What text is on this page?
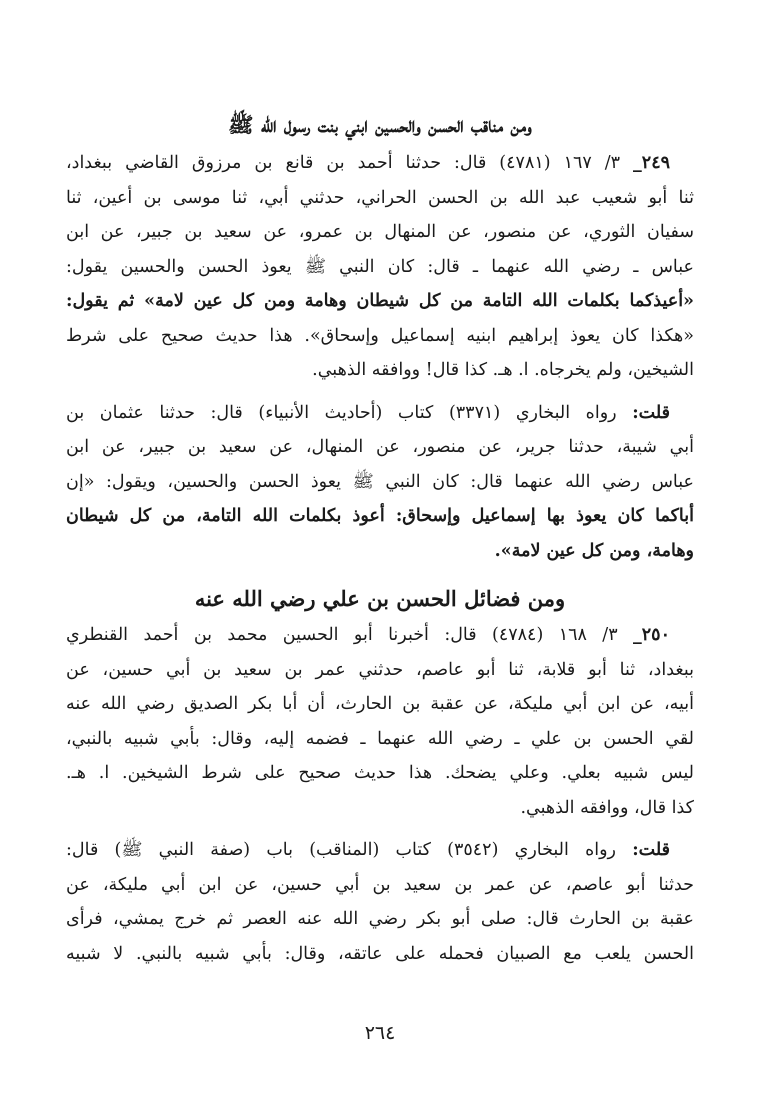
ومن مناقب الحسن والحسين ابني بنت رسول الله ﷺ
٢٤٩_ ٣/ ١٦٧ (٤٧٨١) قال: حدثنا أحمد بن قانع بن مرزوق القاضي ببغداد،
ثنا أبو شعيب عبد الله بن الحسن الحراني، حدثني أبي، ثنا موسى بن أعين، ثنا
سفيان الثوري، عن منصور، عن المنهال بن عمرو، عن سعيد بن جبير، عن ابن
عباس ـ رضي الله عنهما ـ قال: كان النبي ﷺ يعوذ الحسن والحسين يقول:
«أعيذكما بكلمات الله التامة من كل شيطان وهامة ومن كل عين لامة» ثم يقول:
«هكذا كان يعوذ إبراهيم ابنيه إسماعيل وإسحاق». هذا حديث صحيح على شرط
الشيخين، ولم يخرجاه. ا. هـ. كذا قال! ووافقه الذهبي.
قلت: رواه البخاري (٣٣٧١) كتاب (أحاديث الأنبياء) قال: حدثنا عثمان بن
أبي شيبة، حدثنا جرير، عن منصور، عن المنهال، عن سعيد بن جبير، عن ابن
عباس رضي الله عنهما قال: كان النبي ﷺ يعوذ الحسن والحسين، ويقول: «إن
أباكما كان يعوذ بها إسماعيل وإسحاق: أعوذ بكلمات الله التامة، من كل شيطان
وهامة، ومن كل عين لامة».
ومن فضائل الحسن بن علي رضي الله عنه
٢٥٠_ ٣/ ١٦٨ (٤٧٨٤) قال: أخبرنا أبو الحسين محمد بن أحمد القنطري
ببغداد، ثنا أبو قلابة، ثنا أبو عاصم، حدثني عمر بن سعيد بن أبي حسين، عن
أبيه، عن ابن أبي مليكة، عن عقبة بن الحارث، أن أبا بكر الصديق رضي الله عنه
لقي الحسن بن علي ـ رضي الله عنهما ـ فضمه إليه، وقال: بأبي شبيه بالنبي،
ليس شبيه بعلي. وعلي يضحك. هذا حديث صحيح على شرط الشيخين. ا. هـ.
كذا قال، ووافقه الذهبي.
قلت: رواه البخاري (٣٥٤٢) كتاب (المناقب) باب (صفة النبي ﷺ) قال:
حدثنا أبو عاصم، عن عمر بن سعيد بن أبي حسين، عن ابن أبي مليكة، عن
عقبة بن الحارث قال: صلى أبو بكر رضي الله عنه العصر ثم خرج يمشي، فرأى
الحسن يلعب مع الصبيان فحمله على عاتقه، وقال: بأبي شبيه بالنبي. لا شبيه
٢٦٤
